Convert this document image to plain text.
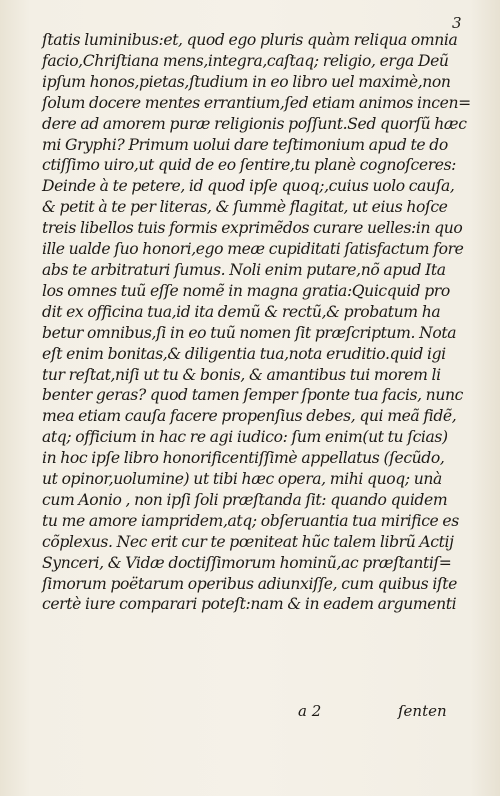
3
ſtatis luminibus:et, quod ego pluris quàm reliqua omnia
facio,Chriſtiana mens,integra,caſtaq; religio, erga Deũ
ipſum honos,pietas,ſtudium in eo libro uel maximè,non
ſolum docere mentes errantium,ſed etiam animos incen=
dere ad amorem puræ religionis poſſunt.Sed quorſũ hæc
mi Gryphi? Primum uolui dare teſtimonium apud te do
ctiſſimo uiro,ut quid de eo ſentire,tu planè cognoſceres:
Deinde à te petere, id quod ipſe quoq;,cuius uolo cauſa,
& petit à te per literas, & ſummè flagitat, ut eius hoſce
treis libellos tuis formis exprimẽdos curare uelles:in quo
ille ualde ſuo honori,ego meæ cupiditati ſatisfactum fore
abs te arbitraturi ſumus. Noli enim putare,nõ apud Ita
los omnes tuũ eſſe nomẽ in magna gratia:Quicquid pro
dit ex officina tua,id ita demũ & rectũ,& probatum ha
betur omnibus,ſi in eo tuũ nomen ſit præſcriptum. Nota
eſt enim bonitas,& diligentia tua,nota eruditio.quid igi
tur reſtat,niſi ut tu & bonis, & amantibus tui morem li
benter geras? quod tamen ſemper ſponte tua facis, nunc
mea etiam cauſa facere propenſius debes, qui meã fidẽ,
atq; officium in hac re agi iudico: ſum enim(ut tu ſcias)
in hoc ipſe libro honorificentiſſimè appellatus (ſecũdo,
ut opinor,uolumine) ut tibi hæc opera, mihi quoq; unà
cum Aonio , non ipſi ſoli præſtanda ſit: quando quidem
tu me amore iampridem,atq; obſeruantia tua mirifice es
cõplexus. Nec erit cur te pœniteat hũc talem librũ Actij
Synceri, & Vidæ doctiſſimorum hominũ,ac præſtantiſ=
ſimorum poëtarum operibus adiunxiſſe, cum quibus iſte
certè iure comparari poteſt:nam & in eadem argumenti
a 2	ſenten
